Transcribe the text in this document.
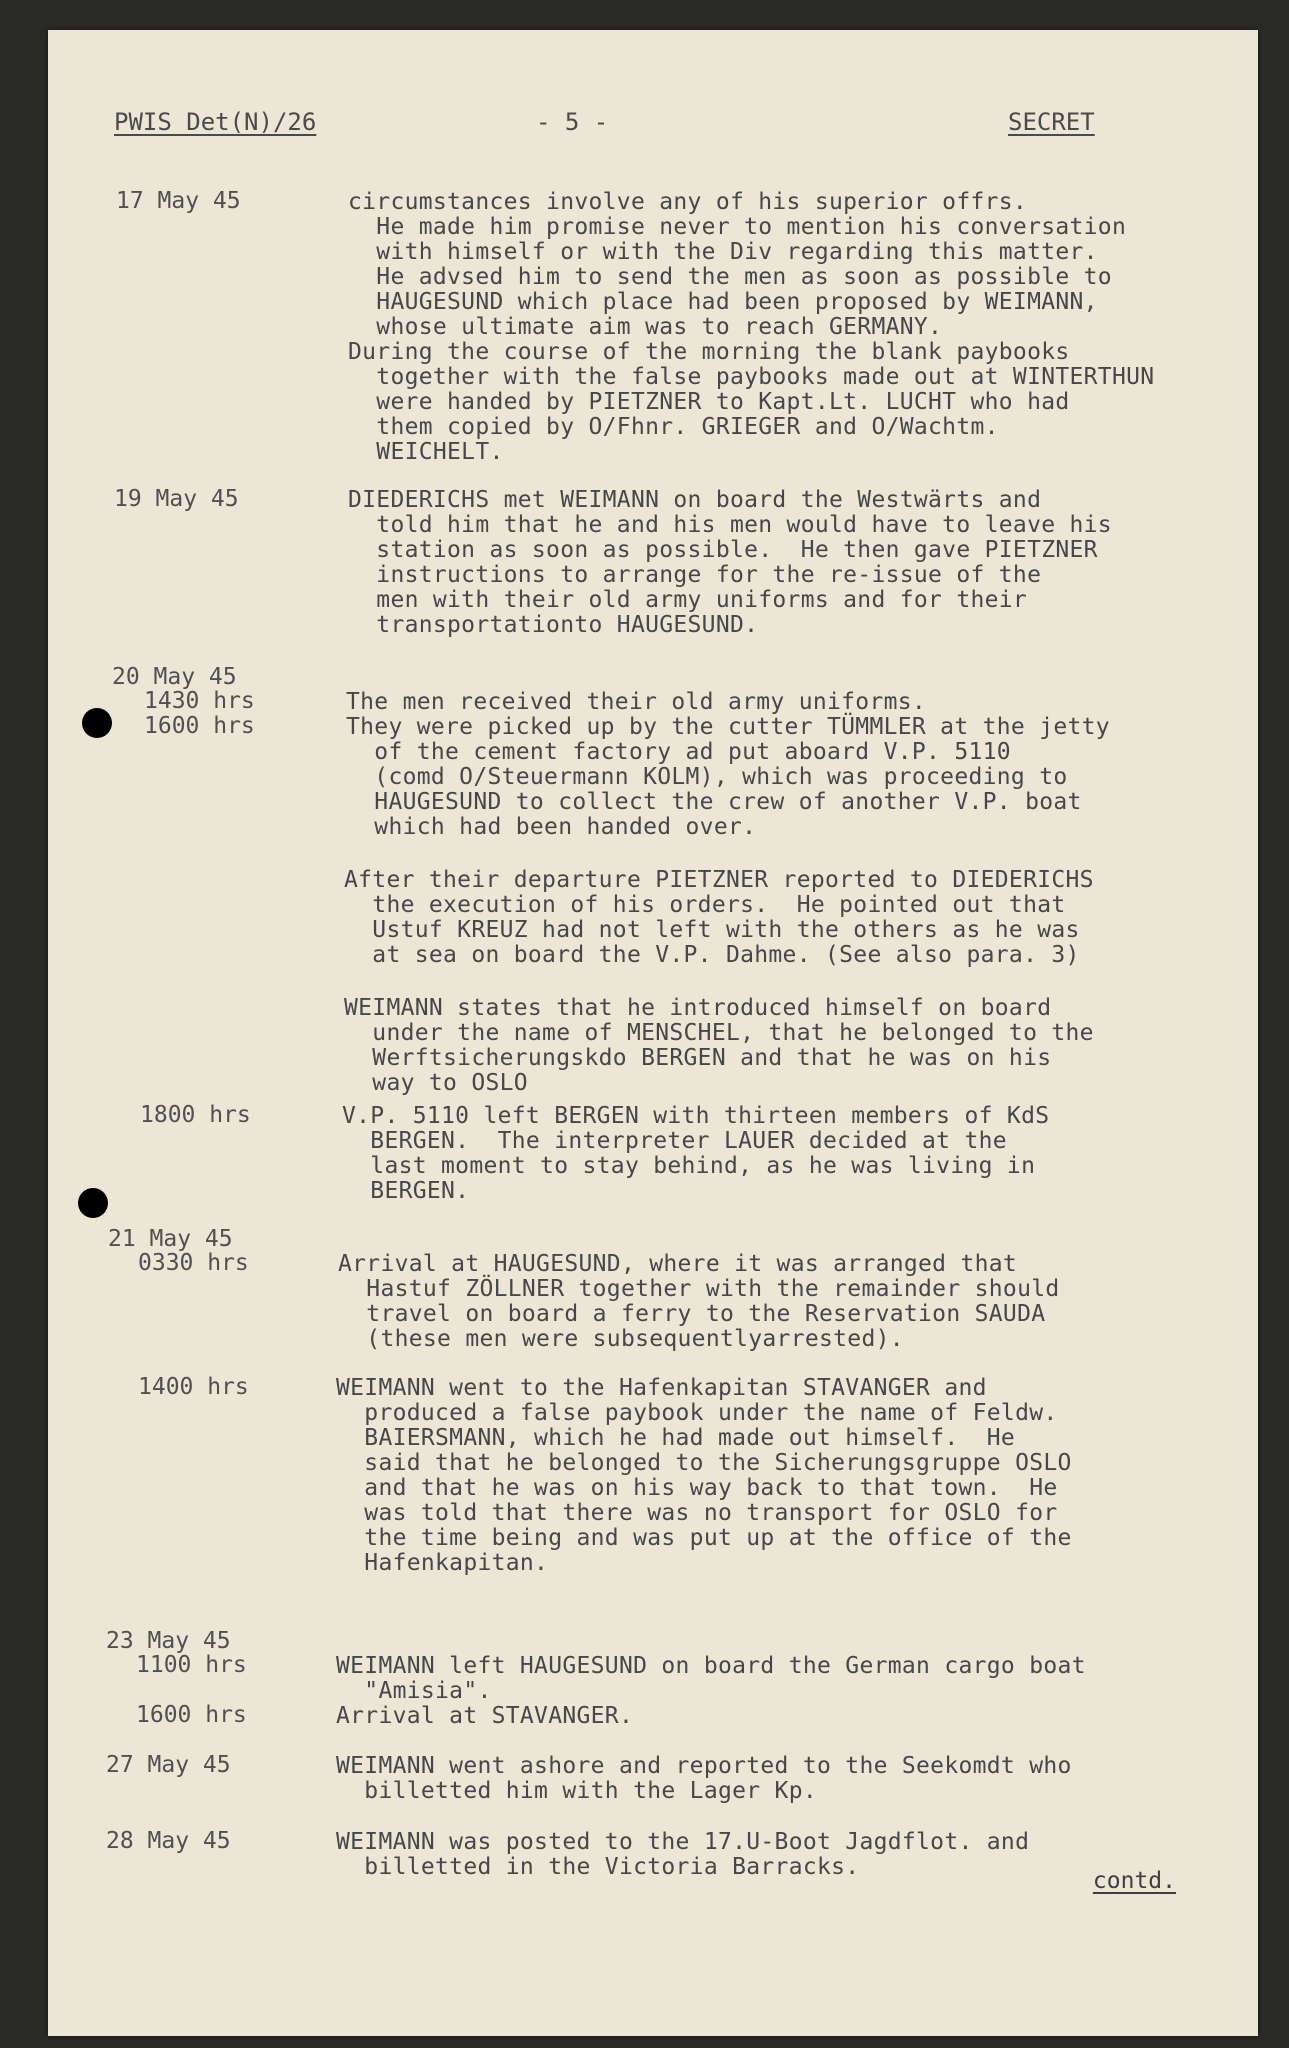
PWIS Det(N)/26	- 5 -	SECRET
17 May 45	circumstances involve any of his superior offrs.
He made him promise never to mention his conversation
with himself or with the Div regarding this matter.
He advsed him to send the men as soon as possible to
HAUGESUND which place had been proposed by WEIMANN,
whose ultimate aim was to reach GERMANY.
During the course of the morning the blank paybooks
together with the false paybooks made out at WINTERTHUN
were handed by PIETZNER to Kapt.Lt. LUCHT who had
them copied by O/Fhnr. GRIEGER and O/Wachtm.
WEICHELT.
19 May 45	DIEDERICHS met WEIMANN on board the Westwärts and
told him that he and his men would have to leave his
station as soon as possible.  He then gave PIETZNER
instructions to arrange for the re-issue of the
men with their old army uniforms and for their
transportationto HAUGESUND.
20 May 45
1430 hrs	The men received their old army uniforms.
1600 hrs	They were picked up by the cutter TÜMMLER at the jetty
of the cement factory ad put aboard V.P. 5110
(comd O/Steuermann KOLM), which was proceeding to
HAUGESUND to collect the crew of another V.P. boat
which had been handed over.
After their departure PIETZNER reported to DIEDERICHS
the execution of his orders.  He pointed out that
Ustuf KREUZ had not left with the others as he was
at sea on board the V.P. Dahme. (See also para. 3)
WEIMANN states that he introduced himself on board
under the name of MENSCHEL, that he belonged to the
Werftsicherungskdo BERGEN and that he was on his
way to OSLO
1800 hrs	V.P. 5110 left BERGEN with thirteen members of KdS
BERGEN.  The interpreter LAUER decided at the
last moment to stay behind, as he was living in
BERGEN.
21 May 45
0330 hrs	Arrival at HAUGESUND, where it was arranged that
Hastuf ZÖLLNER together with the remainder should
travel on board a ferry to the Reservation SAUDA
(these men were subsequentlyarrested).
1400 hrs	WEIMANN went to the Hafenkapitan STAVANGER and
produced a false paybook under the name of Feldw.
BAIERSMANN, which he had made out himself.  He
said that he belonged to the Sicherungsgruppe OSLO
and that he was on his way back to that town.  He
was told that there was no transport for OSLO for
the time being and was put up at the office of the
Hafenkapitan.
23 May 45
1100 hrs	WEIMANN left HAUGESUND on board the German cargo boat
"Amisia".
1600 hrs	Arrival at STAVANGER.
27 May 45	WEIMANN went ashore and reported to the Seekomdt who
billetted him with the Lager Kp.
28 May 45	WEIMANN was posted to the 17.U-Boot Jagdflot. and
billetted in the Victoria Barracks.
contd.
